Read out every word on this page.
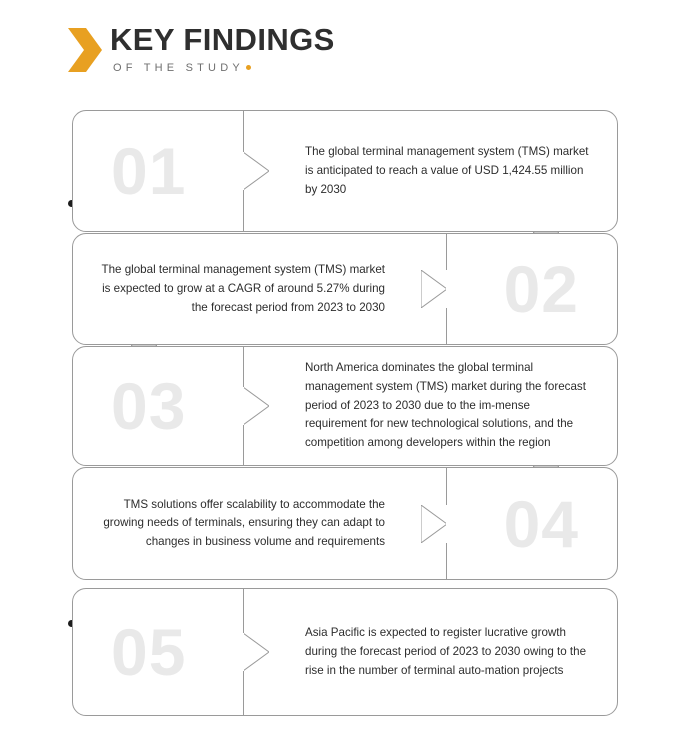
KEY FINDINGS
OF THE STUDY
01	The global terminal management system (TMS) market is anticipated to reach a value of USD 1,424.55 million by 2030
02
The global terminal management system (TMS) market is expected to grow at a CAGR of around 5.27% during the forecast period from 2023 to 2030
03
North America dominates the global terminal management system (TMS) market during the forecast period of 2023 to 2030 due to the im-mense requirement for new technological solutions, and the competition among developers within the region
04
TMS solutions offer scalability to accommodate the growing needs of terminals, ensuring they can adapt to changes in business volume and requirements
05	Asia Pacific is expected to register lucrative growth during the forecast period of 2023 to 2030 owing to the rise in the number of terminal auto-mation projects
